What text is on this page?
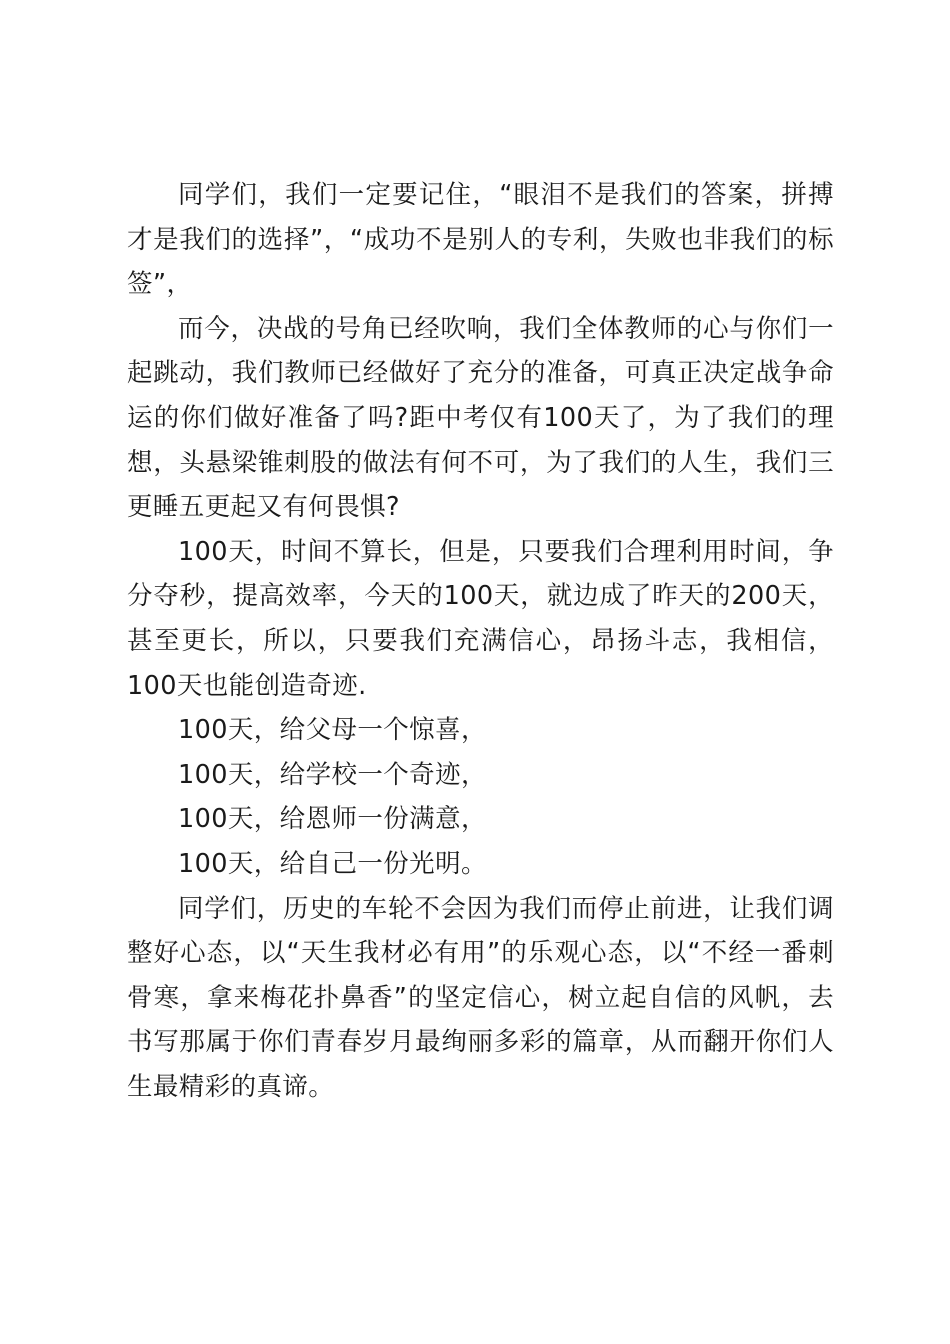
同学们，我们一定要记住，“眼泪不是我们的答案，拼搏才是我们的选择”，“成功不是别人的专利，失败也非我们的标签”，

而今，决战的号角已经吹响，我们全体教师的心与你们一起跳动，我们教师已经做好了充分的准备，可真正决定战争命运的你们做好准备了吗?距中考仅有100天了，为了我们的理想，头悬梁锥刺股的做法有何不可，为了我们的人生，我们三更睡五更起又有何畏惧?

100天，时间不算长，但是，只要我们合理利用时间，争分夺秒，提高效率，今天的100天，就边成了昨天的200天，甚至更长，所以，只要我们充满信心，昂扬斗志，我相信，100天也能创造奇迹.

100天，给父母一个惊喜，

100天，给学校一个奇迹，

100天，给恩师一份满意，

100天，给自己一份光明。

同学们，历史的车轮不会因为我们而停止前进，让我们调整好心态，以“天生我材必有用”的乐观心态，以“不经一番刺骨寒，拿来梅花扑鼻香”的坚定信心，树立起自信的风帆，去书写那属于你们青春岁月最绚丽多彩的篇章，从而翻开你们人生最精彩的真谛。
